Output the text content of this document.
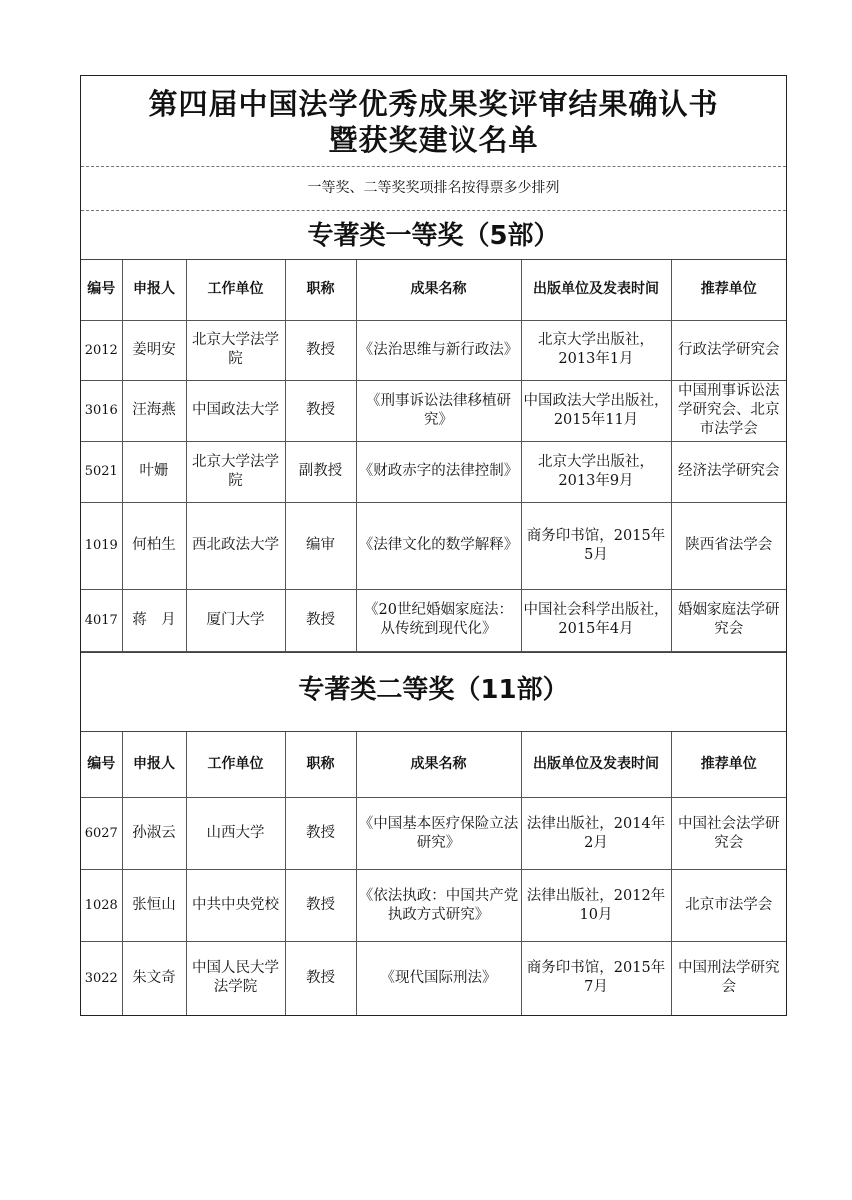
第四届中国法学优秀成果奖评审结果确认书
暨获奖建议名单
一等奖、二等奖奖项排名按得票多少排列
专著类一等奖（5部）
编号	申报人	工作单位	职称	成果名称	出版单位及发表时间	推荐单位
2012	姜明安	北京大学法学院	教授	《法治思维与新行政法》	北京大学出版社，2013年1月	行政法学研究会
3016	汪海燕	中国政法大学	教授	《刑事诉讼法律移植研究》	中国政法大学出版社，2015年11月	中国刑事诉讼法学研究会、北京市法学会
5021	叶姗	北京大学法学院	副教授	《财政赤字的法律控制》	北京大学出版社，2013年9月	经济法学研究会
1019	何柏生	西北政法大学	编审	《法律文化的数学解释》	商务印书馆，2015年5月	陕西省法学会
4017	蒋　月	厦门大学	教授	《20世纪婚姻家庭法：从传统到现代化》	中国社会科学出版社，2015年4月	婚姻家庭法学研究会
专著类二等奖（11部）
编号	申报人	工作单位	职称	成果名称	出版单位及发表时间	推荐单位
6027	孙淑云	山西大学	教授	《中国基本医疗保险立法研究》	法律出版社，2014年2月	中国社会法学研究会
1028	张恒山	中共中央党校	教授	《依法执政：中国共产党执政方式研究》	法律出版社，2012年10月	北京市法学会
3022	朱文奇	中国人民大学法学院	教授	《现代国际刑法》	商务印书馆，2015年7月	中国刑法学研究会
